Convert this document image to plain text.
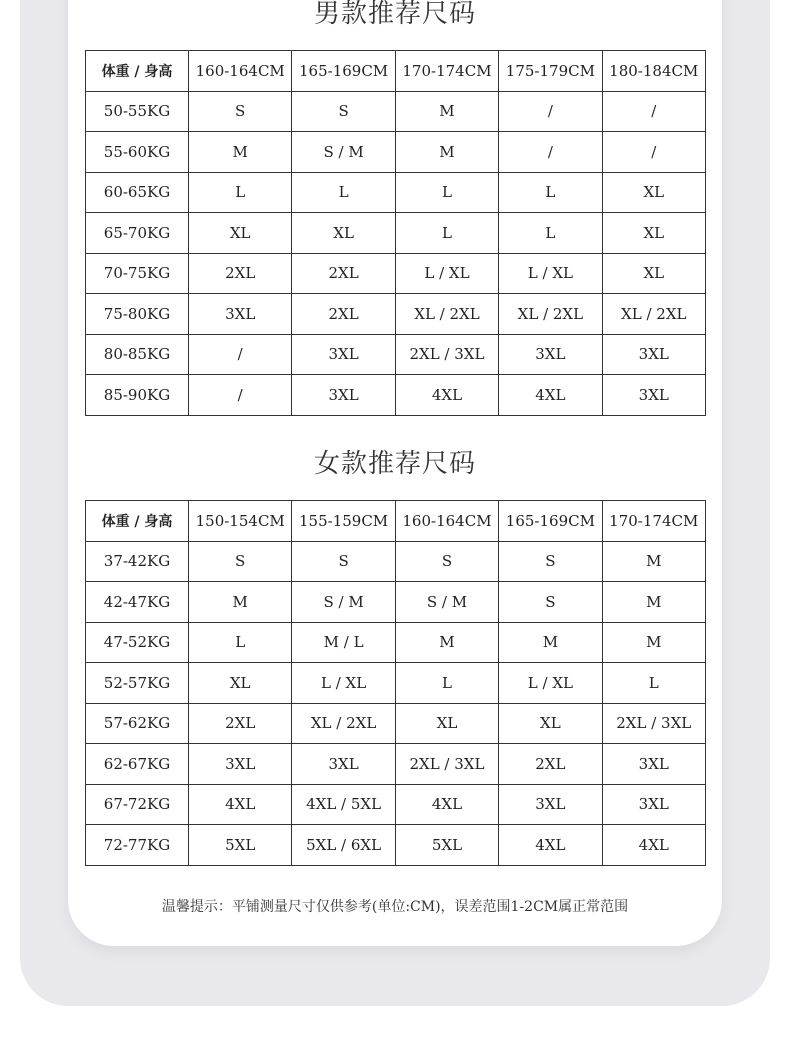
男款推荐尺码
体重 / 身高	160-164CM	165-169CM	170-174CM	175-179CM	180-184CM
50-55KG	S	S	M	/	/
55-60KG	M	S / M	M	/	/
60-65KG	L	L	L	L	XL
65-70KG	XL	XL	L	L	XL
70-75KG	2XL	2XL	L / XL	L / XL	XL
75-80KG	3XL	2XL	XL / 2XL	XL / 2XL	XL / 2XL
80-85KG	/	3XL	2XL / 3XL	3XL	3XL
85-90KG	/	3XL	4XL	4XL	3XL
女款推荐尺码
体重 / 身高	150-154CM	155-159CM	160-164CM	165-169CM	170-174CM
37-42KG	S	S	S	S	M
42-47KG	M	S / M	S / M	S	M
47-52KG	L	M / L	M	M	M
52-57KG	XL	L / XL	L	L / XL	L
57-62KG	2XL	XL / 2XL	XL	XL	2XL / 3XL
62-67KG	3XL	3XL	2XL / 3XL	2XL	3XL
67-72KG	4XL	4XL / 5XL	4XL	3XL	3XL
72-77KG	5XL	5XL / 6XL	5XL	4XL	4XL
温馨提示：平铺测量尺寸仅供参考(单位:CM)，误差范围1-2CM属正常范围
